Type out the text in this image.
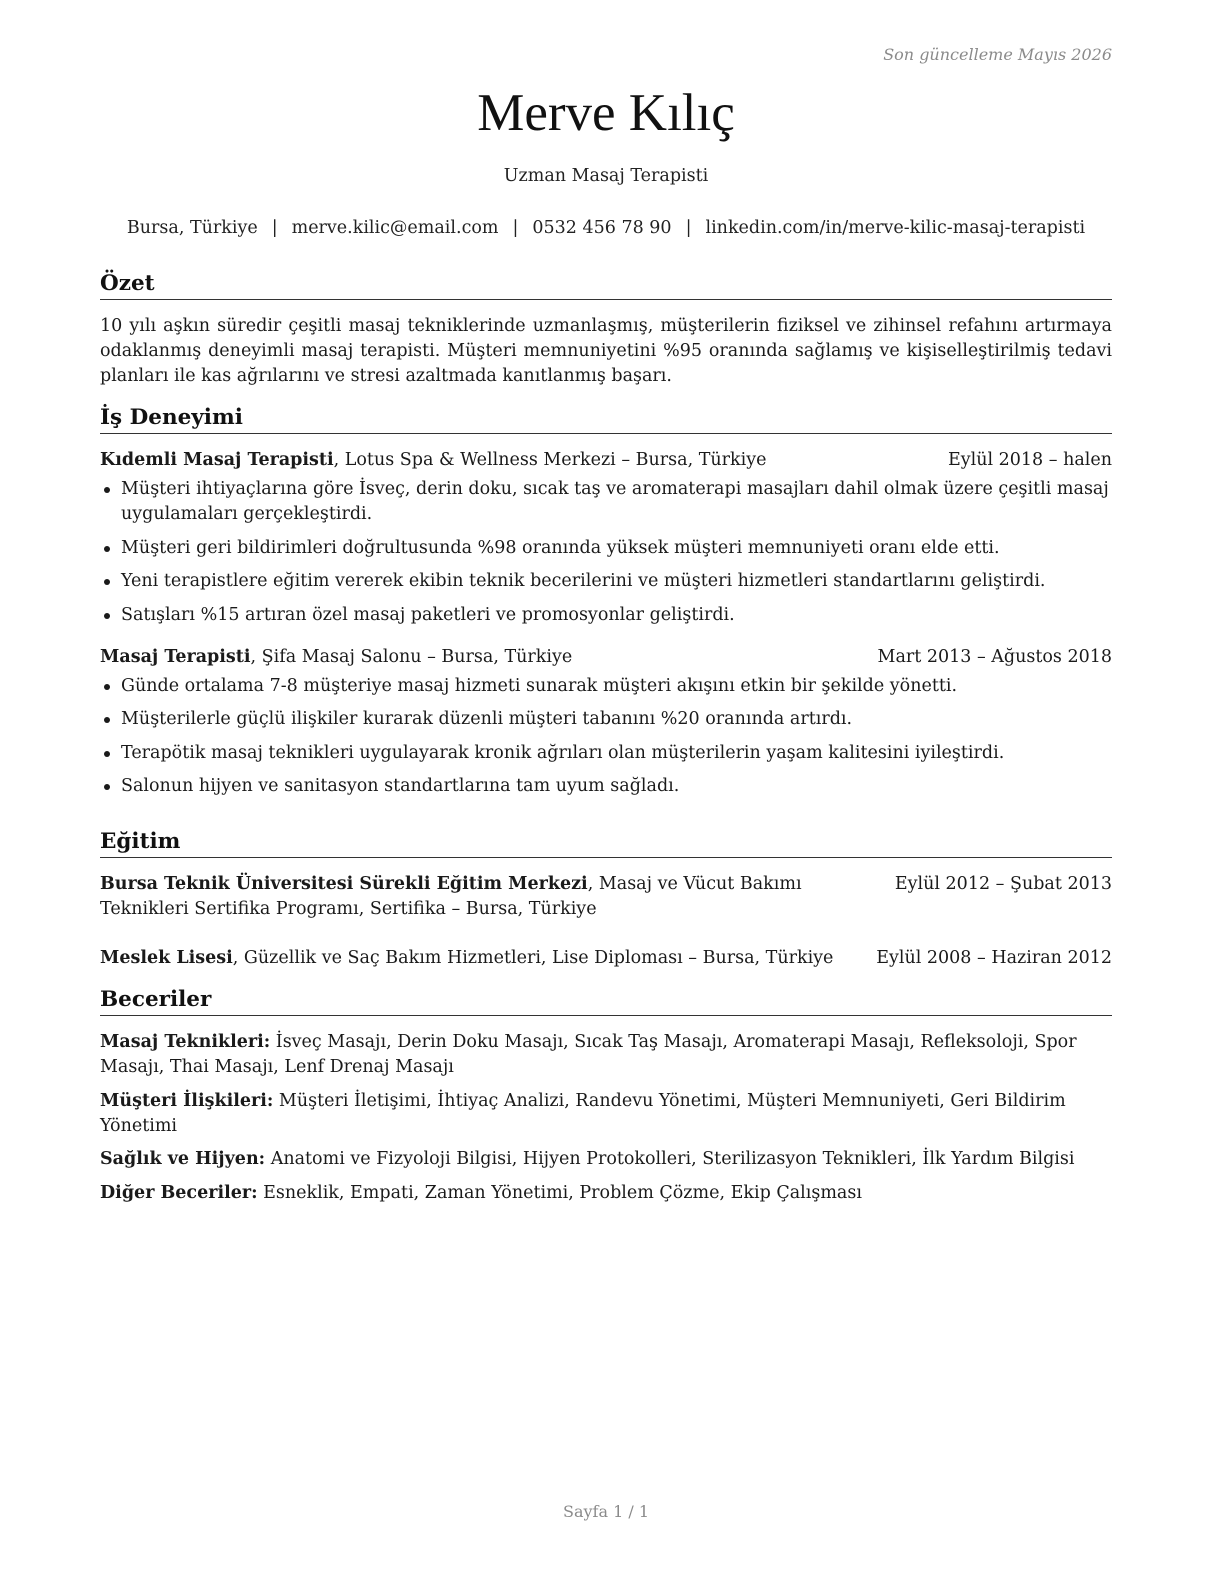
Son güncelleme Mayıs 2026
Merve Kılıç
Uzman Masaj Terapisti
Bursa, Türkiye | merve.kilic@email.com | 0532 456 78 90 | linkedin.com/in/merve-kilic-masaj-terapisti
Özet
10 yılı aşkın süredir çeşitli masaj tekniklerinde uzmanlaşmış, müşterilerin fiziksel ve zihinsel refahını artırmaya odaklanmış deneyimli masaj terapisti. Müşteri memnuniyetini %95 oranında sağlamış ve kişiselleştirilmiş tedavi planları ile kas ağrılarını ve stresi azaltmada kanıtlanmış başarı.
İş Deneyimi
Kıdemli Masaj Terapisti, Lotus Spa & Wellness Merkezi – Bursa, Türkiye	Eylül 2018 – halen
Müşteri ihtiyaçlarına göre İsveç, derin doku, sıcak taş ve aromaterapi masajları dahil olmak üzere çeşitli masaj uygulamaları gerçekleştirdi.
Müşteri geri bildirimleri doğrultusunda %98 oranında yüksek müşteri memnuniyeti oranı elde etti.
Yeni terapistlere eğitim vererek ekibin teknik becerilerini ve müşteri hizmetleri standartlarını geliştirdi.
Satışları %15 artıran özel masaj paketleri ve promosyonlar geliştirdi.
Masaj Terapisti, Şifa Masaj Salonu – Bursa, Türkiye	Mart 2013 – Ağustos 2018
Günde ortalama 7-8 müşteriye masaj hizmeti sunarak müşteri akışını etkin bir şekilde yönetti.
Müşterilerle güçlü ilişkiler kurarak düzenli müşteri tabanını %20 oranında artırdı.
Terapötik masaj teknikleri uygulayarak kronik ağrıları olan müşterilerin yaşam kalitesini iyileştirdi.
Salonun hijyen ve sanitasyon standartlarına tam uyum sağladı.
Eğitim
Bursa Teknik Üniversitesi Sürekli Eğitim Merkezi, Masaj ve Vücut Bakımı Teknikleri Sertifika Programı, Sertifika – Bursa, Türkiye
Eylül 2012 – Şubat 2013
Meslek Lisesi, Güzellik ve Saç Bakım Hizmetleri, Lise Diploması – Bursa, Türkiye	Eylül 2008 – Haziran 2012
Beceriler
Masaj Teknikleri: İsveç Masajı, Derin Doku Masajı, Sıcak Taş Masajı, Aromaterapi Masajı, Refleksoloji, Spor Masajı, Thai Masajı, Lenf Drenaj Masajı
Müşteri İlişkileri: Müşteri İletişimi, İhtiyaç Analizi, Randevu Yönetimi, Müşteri Memnuniyeti, Geri Bildirim Yönetimi
Sağlık ve Hijyen: Anatomi ve Fizyoloji Bilgisi, Hijyen Protokolleri, Sterilizasyon Teknikleri, İlk Yardım Bilgisi
Diğer Beceriler: Esneklik, Empati, Zaman Yönetimi, Problem Çözme, Ekip Çalışması
Sayfa 1 / 1
